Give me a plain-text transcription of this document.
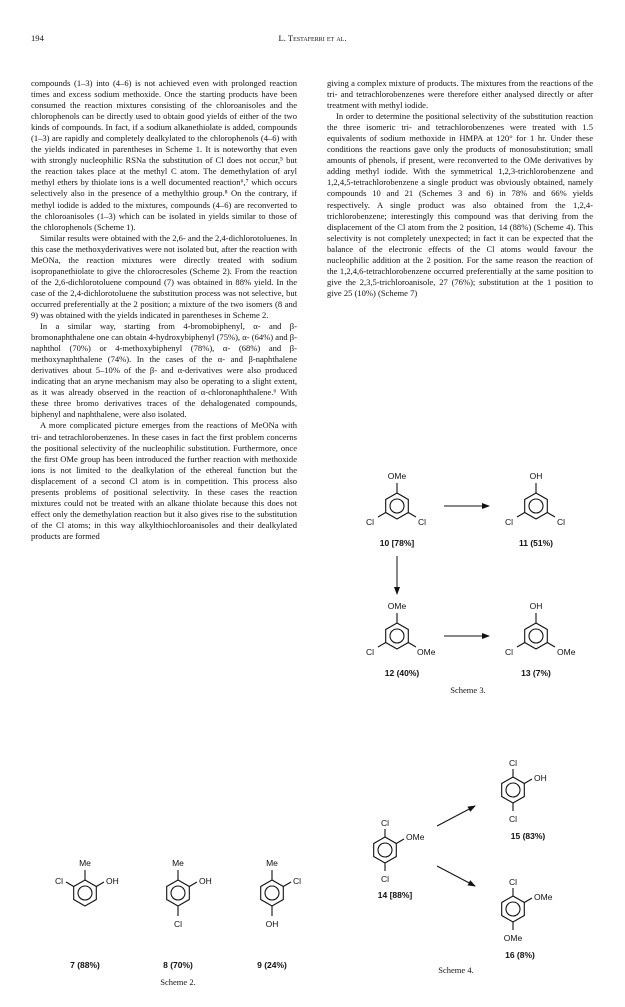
194	L. Testaferri et al.

compounds (1–3) into (4–6) is not achieved even with prolonged reaction times and excess sodium methoxide. Once the starting products have been consumed the reaction mixtures consisting of the chloroanisoles and the chlorophenols can be directly used to obtain good yields of either of the two kinds of compounds. In fact, if a sodium alkanethiolate is added, compounds (1–3) are rapidly and completely dealkylated to the chlorophenols (4–6) with the yields indicated in parentheses in Scheme 1. It is noteworthy that even with strongly nucleophilic RSNa the substitution of Cl does not occur,⁵ but the reaction takes place at the methyl C atom. The demethylation of aryl methyl ethers by thiolate ions is a well documented reaction⁶,⁷ which occurs selectively also in the presence of a methylthio group.⁸ On the contrary, if methyl iodide is added to the mixtures, compounds (4–6) are reconverted to the chloroanisoles (1–3) which can be isolated in yields similar to those of the chlorophenols (Scheme 1).

Similar results were obtained with the 2,6- and the 2,4-dichlorotoluenes. In this case the methoxyderivatives were not isolated but, after the reaction with MeONa, the reaction mixtures were directly treated with sodium isopropanethiolate to give the chlorocresoles (Scheme 2). From the reaction of the 2,6-dichlorotoluene compound (7) was obtained in 88% yield. In the case of the 2,4-dichlorotoluene the substitution process was not selective, but occurred preferentially at the 2 position; a mixture of the two isomers (8 and 9) was obtained with the yields indicated in parentheses in Scheme 2.

In a similar way, starting from 4-bromobiphenyl, α- and β-bromonaphthalene one can obtain 4-hydroxybiphenyl (75%), α- (64%) and β-naphthol (70%) or 4-methoxybiphenyl (78%), α- (68%) and β-methoxynaphthalene (74%). In the cases of the α- and β-naphthalene derivatives about 5–10% of the β- and α-derivatives were also produced indicating that an aryne mechanism may also be operating to a slight extent, as it was already observed in the reaction of α-chloronaphthalene.⁶ With these three bromo derivatives traces of the dehalogenated compounds, biphenyl and naphthalene, were also isolated.

A more complicated picture emerges from the reactions of MeONa with tri- and tetrachlorobenzenes. In these cases in fact the first problem concerns the positional selectivity of the nucleophilic substitution. Furthermore, once the first OMe group has been introduced the further reaction with methoxide ions is not limited to the dealkylation of the ethereal function but the displacement of a second Cl atom is in competition. This process also presents problems of positional selectivity. In these cases the reaction mixtures could not be treated with an alkane thiolate because this does not effect only the demethylation reaction but it also gives rise to the substitution of the Cl atoms; in this way alkylthiochloroanisoles and their dealkylated products are formed

giving a complex mixture of products. The mixtures from the reactions of the tri- and tetrachlorobenzenes were therefore either analysed directly or after treatment with methyl iodide.

In order to determine the positional selectivity of the substitution reaction the three isomeric tri- and tetrachlorobenzenes were treated with 1.5 equivalents of sodium methoxide in HMPA at 120° for 1 hr. Under these conditions the reactions gave only the products of monosubstitution; small amounts of phenols, if present, were reconverted to the OMe derivatives by adding methyl iodide. With the symmetrical 1,2,3-trichlorobenzene and 1,2,4,5-tetrachlorobenzene a single product was obviously obtained, namely compounds 10 and 21 (Schemes 3 and 6) in 78% and 66% yields respectively. A single product was also obtained from the 1,2,4-trichlorobenzene; interestingly this compound was that deriving from the displacement of the Cl atom from the 2 position, 14 (88%) (Scheme 4). This selectivity is not completely unexpected; in fact it can be expected that the balance of the electronic effects of the Cl atoms would favour the nucleophilic addition at the 2 position. For the same reason the reaction of the 1,2,4,6-tetrachlorobenzene occurred preferentially at the same position to give the 2,3,5-trichloroanisole, 27 (76%); substitution at the 1 position to give 25 (10%) (Scheme 7)

OMe
Cl	Cl
10 [78%]
OH
Cl	Cl
11 (51%)
OMe
Cl	OMe
12 (40%)
OH
Cl	OMe
13 (7%)
Scheme 3.
Cl
OMe
Cl
14 [88%]
Cl
OH
Cl
15 (83%)
Cl
OMe
OMe
16 (8%)
Scheme 4.
Me
Cl	OH
7 (88%)
Me
OH
Cl
8 (70%)
Me
Cl
OH
9 (24%)
Scheme 2.
